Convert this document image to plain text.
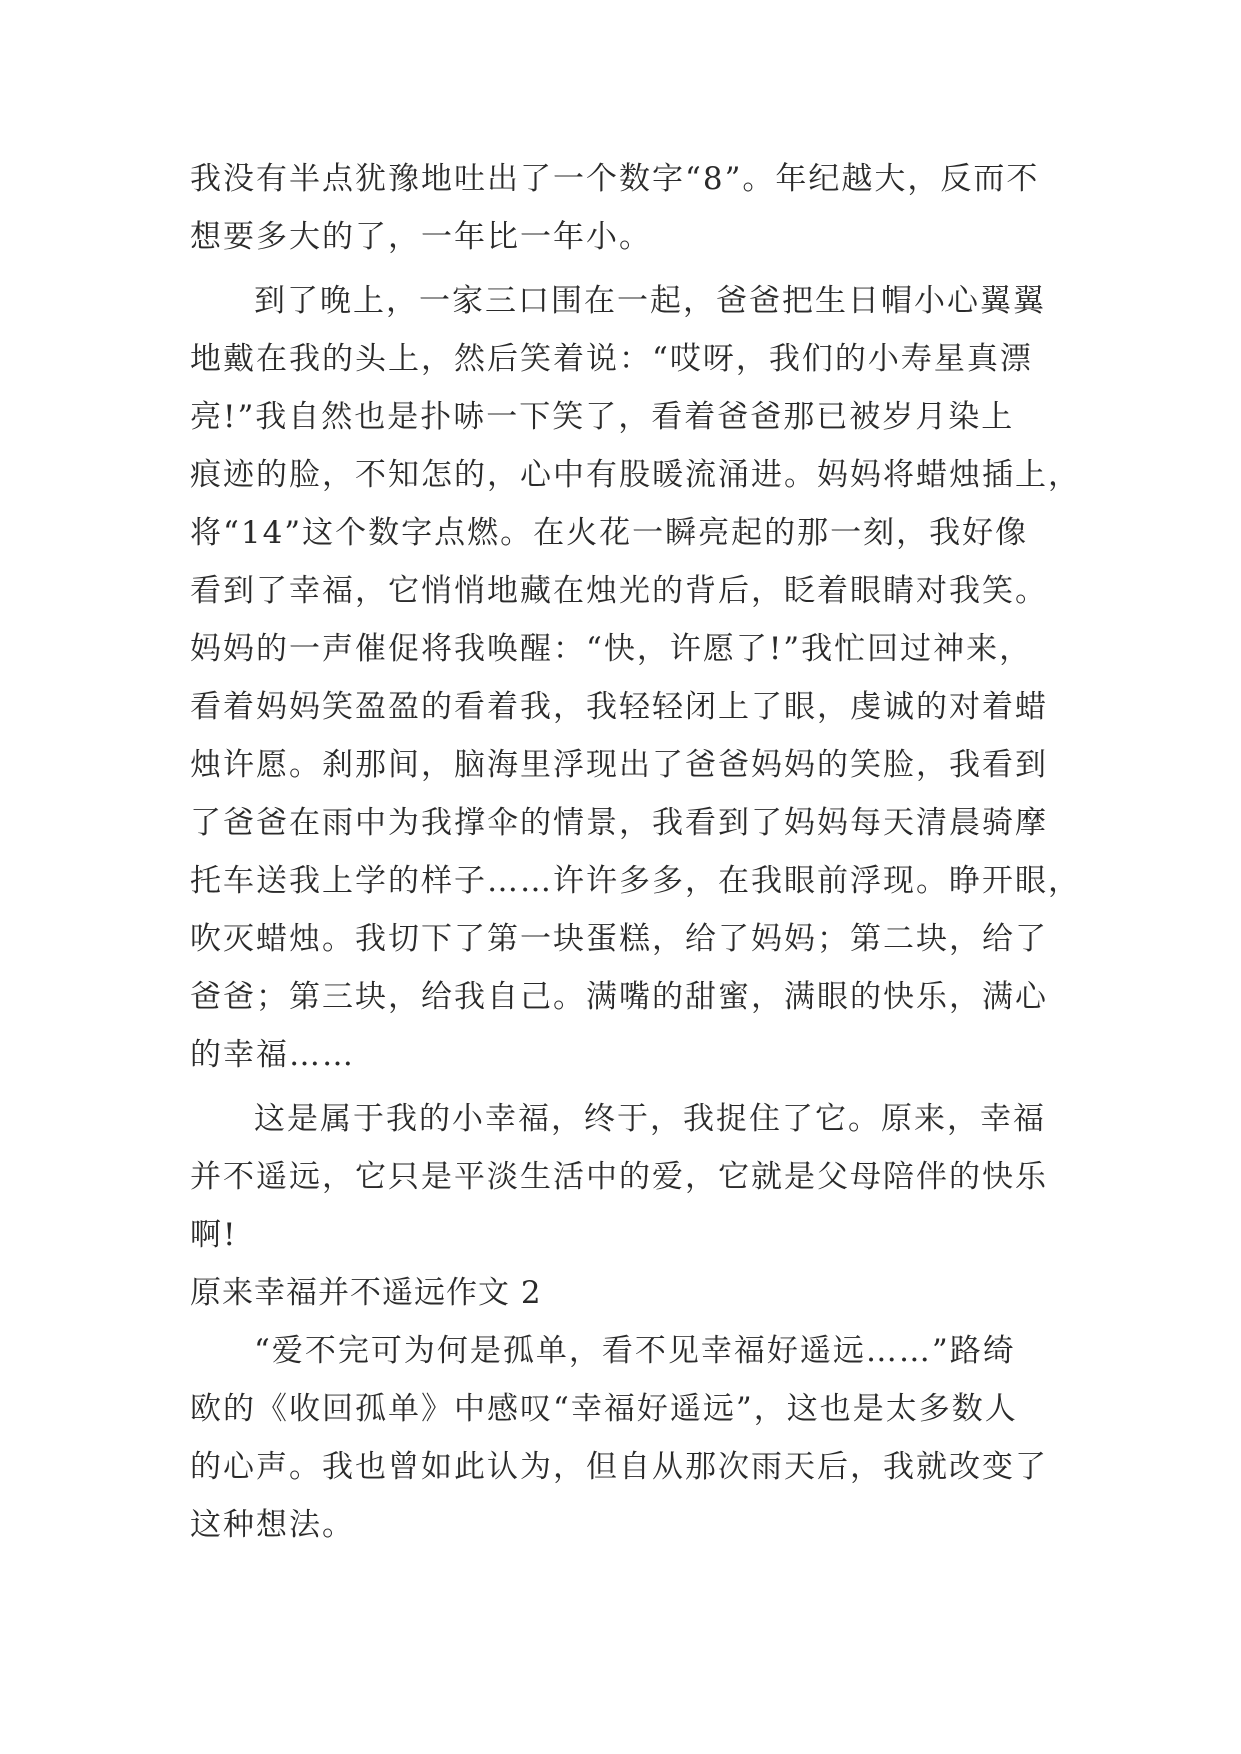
我没有半点犹豫地吐出了一个数字“8”。年纪越大，反而不
想要多大的了，一年比一年小。
到了晚上，一家三口围在一起，爸爸把生日帽小心翼翼
地戴在我的头上，然后笑着说：“哎呀，我们的小寿星真漂
亮!”我自然也是扑哧一下笑了，看着爸爸那已被岁月染上
痕迹的脸，不知怎的，心中有股暖流涌进。妈妈将蜡烛插上，
将“14”这个数字点燃。在火花一瞬亮起的那一刻，我好像
看到了幸福，它悄悄地藏在烛光的背后，眨着眼睛对我笑。
妈妈的一声催促将我唤醒：“快，许愿了!”我忙回过神来，
看着妈妈笑盈盈的看着我，我轻轻闭上了眼，虔诚的对着蜡
烛许愿。刹那间，脑海里浮现出了爸爸妈妈的笑脸，我看到
了爸爸在雨中为我撑伞的情景，我看到了妈妈每天清晨骑摩
托车送我上学的样子……许许多多，在我眼前浮现。睁开眼，
吹灭蜡烛。我切下了第一块蛋糕，给了妈妈；第二块，给了
爸爸；第三块，给我自己。满嘴的甜蜜，满眼的快乐，满心
的幸福……
这是属于我的小幸福，终于，我捉住了它。原来，幸福
并不遥远，它只是平淡生活中的爱，它就是父母陪伴的快乐
啊!
原来幸福并不遥远作文 2
“爱不完可为何是孤单，看不见幸福好遥远……”路绮
欧的《收回孤单》中感叹“幸福好遥远”，这也是太多数人
的心声。我也曾如此认为，但自从那次雨天后，我就改变了
这种想法。
